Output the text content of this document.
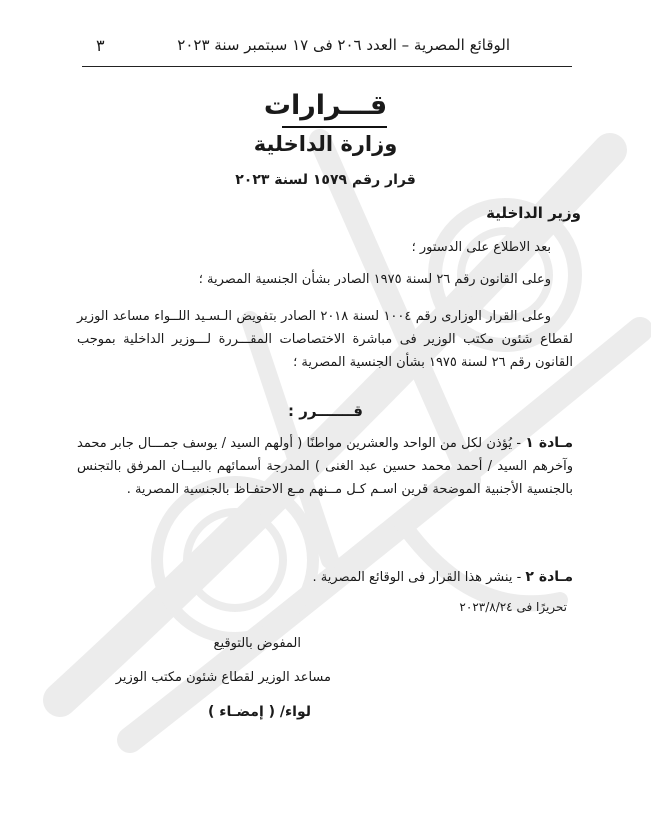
الوقائع المصرية – العدد ٢٠٦ فى ١٧ سبتمبر سنة ٢٠٢٣
٣
قـــرارات
وزارة الداخلية
قرار رقم ١٥٧٩ لسنة ٢٠٢٣
وزير الداخلية

بعد الاطلاع على الدستور ؛

وعلى القانون رقم ٢٦ لسنة ١٩٧٥ الصادر بشأن الجنسية المصرية ؛

وعلى القرار الوزارى رقم ١٠٠٤ لسنة ٢٠١٨ الصادر بتفويض الـسـيد اللــواء مساعد الوزير لقطاع شئون مكتب الوزير فى مباشرة الاختصاصات المقـــررة لـــوزير الداخلية بموجب القانون رقم ٢٦ لسنة ١٩٧٥ بشأن الجنسية المصرية ؛

قـــــــرر :

مـادة ١ - يُؤذن لكل من الواحد والعشرين مواطنًا ( أولهم السيد / يوسف جمـــال جابر محمد وآخرهم السيد / أحمد محمد حسين عبد الغنى ) المدرجة أسمائهم بالبيــان المرفق بالتجنس بالجنسية الأجنبية الموضحة قرين اسـم كـل مــنهم مـع الاحتفـاظ بالجنسية المصرية .

مـادة ٢ - ينشر هذا القرار فى الوقائع المصرية .

تحريرًا فى ٢٠٢٣/٨/٢٤
المفوض بالتوقيع
مساعد الوزير لقطاع شئون مكتب الوزير
لواء/ ( إمضـاء )
